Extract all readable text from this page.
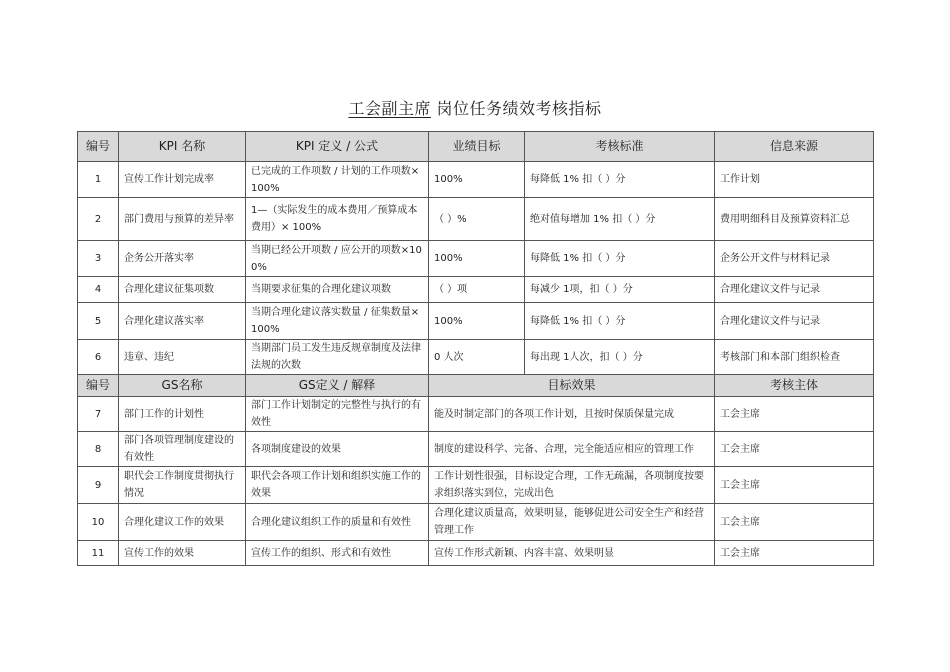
工会副主席 岗位任务绩效考核指标
编号	KPI 名称	KPI 定义 / 公式	业绩目标	考核标准	信息来源
1	宣传工作计划完成率	已完成的工作项数 / 计划的工作项数×100%	100%	每降低 1% 扣（ ）分	工作计划
2	部门费用与预算的差异率	1—（实际发生的成本费用／预算成本费用）× 100%	（ ）%	绝对值每增加 1% 扣（ ）分	费用明细科目及预算资料汇总
3	企务公开落实率	当期已经公开项数 / 应公开的项数×100%	100%	每降低 1% 扣（ ）分	企务公开文件与材料记录
4	合理化建议征集项数	当期要求征集的合理化建议项数	（ ）项	每减少 1项，扣（ ）分	合理化建议文件与记录
5	合理化建议落实率	当期合理化建议落实数量 / 征集数量× 100%	100%	每降低 1% 扣（ ）分	合理化建议文件与记录
6	违章、违纪	当期部门员工发生违反规章制度及法律法规的次数	0 人次	每出现 1人次，扣（ ）分	考核部门和本部门组织检查
编号	GS名称	GS定义 / 解释	目标效果		考核主体
7	部门工作的计划性	部门工作计划制定的完整性与执行的有效性	能及时制定部门的各项工作计划，且按时保质保量完成		工会主席
8	部门各项管理制度建设的有效性	各项制度建设的效果	制度的建设科学、完备、合理，完全能适应相应的管理工作		工会主席
9	职代会工作制度贯彻执行情况	职代会各项工作计划和组织实施工作的效果	工作计划性很强，目标设定合理，工作无疏漏，各项制度按要求组织落实到位，完成出色		工会主席
10	合理化建议工作的效果	合理化建议组织工作的质量和有效性	合理化建议质量高，效果明显，能够促进公司安全生产和经营管理工作		工会主席
11	宣传工作的效果	宣传工作的组织、形式和有效性	宣传工作形式新颖、内容丰富、效果明显		工会主席
